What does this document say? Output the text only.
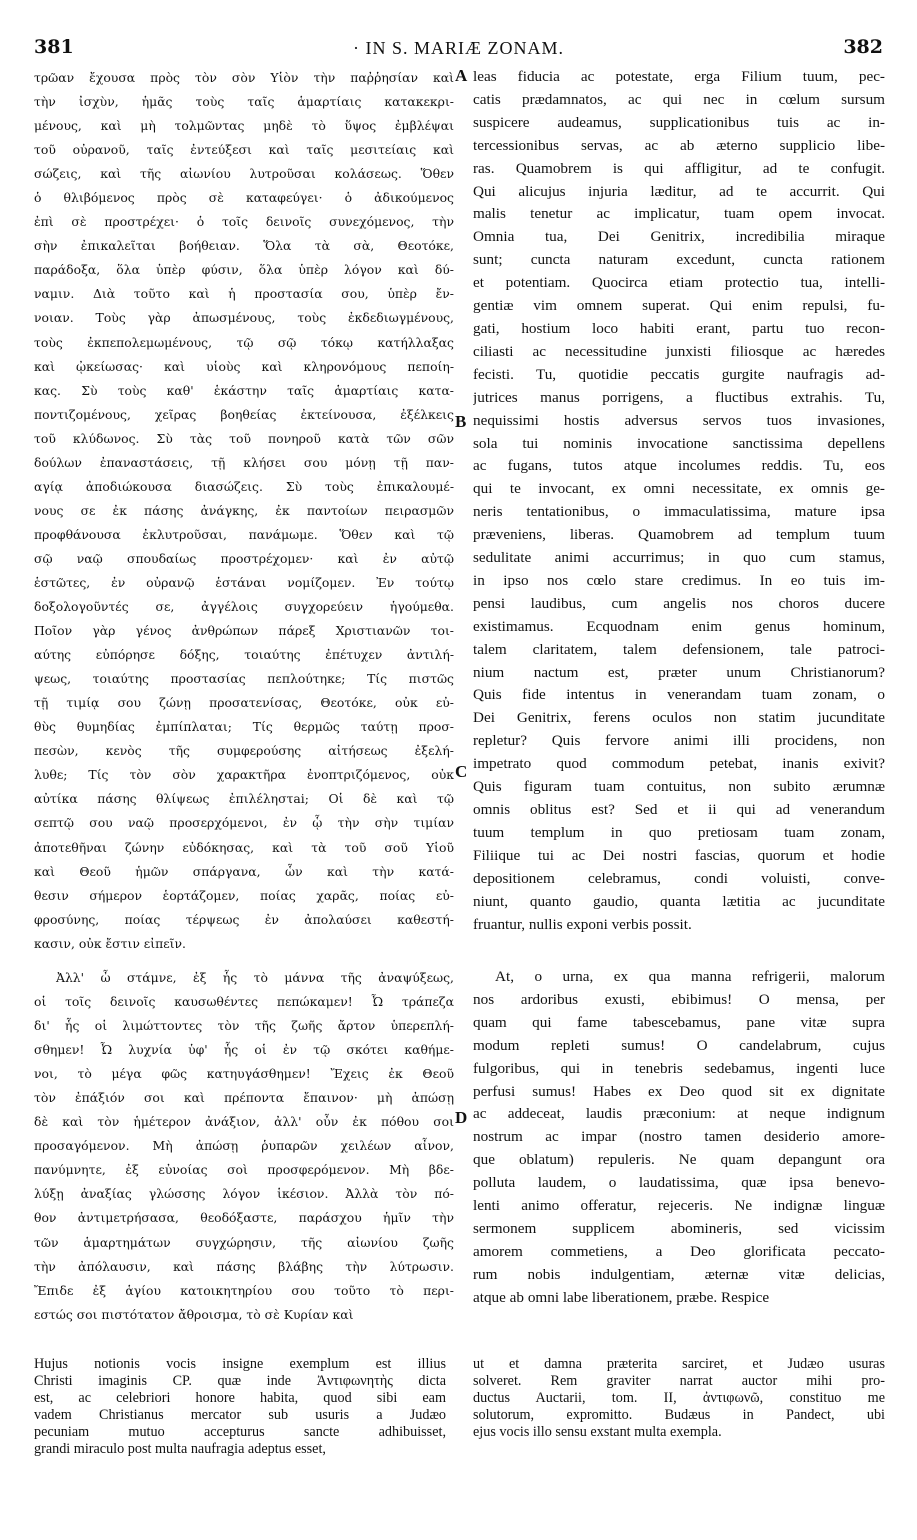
381	· IN S. MARIÆ ZONAM.	382
τρῶαν ἔχουσα πρὸς τὸν σὸν Υἱὸν τὴν παῤῥησίαν καὶ
τὴν ἰσχὺν, ἡμᾶς τοὺς ταῖς ἁμαρτίαις κατακεκρι-
μένους, καὶ μὴ τολμῶντας μηδὲ τὸ ὕψος ἐμβλέψαι
τοῦ οὐρανοῦ, ταῖς ἐντεύξεσι καὶ ταῖς μεσιτείαις καὶ
σώζεις, καὶ τῆς αἰωνίου λυτροῦσαι κολάσεως. Ὅθεν
ὁ θλιβόμενος πρὸς σὲ καταφεύγει· ὁ ἀδικούμενος
ἐπὶ σὲ προστρέχει· ὁ τοῖς δεινοῖς συνεχόμενος, τὴν
σὴν ἐπικαλεῖται βοήθειαν. Ὅλα τὰ σὰ, Θεοτόκε,
παράδοξα, ὅλα ὑπὲρ φύσιν, ὅλα ὑπὲρ λόγον καὶ δύ-
ναμιν. Διὰ τοῦτο καὶ ἡ προστασία σου, ὑπὲρ ἔν-
νοιαν. Τοὺς γὰρ ἀπωσμένους, τοὺς ἐκδεδιωγμένους,
τοὺς ἐκπεπολεμωμένους, τῷ σῷ τόκῳ κατήλλαξας
καὶ ᾠκείωσας· καὶ υἱοὺς καὶ κληρονόμους πεποίη-
κας. Σὺ τοὺς καθ' ἑκάστην ταῖς ἁμαρτίαις κατα-
ποντιζομένους, χεῖρας βοηθείας ἐκτείνουσα, ἐξέλκεις
τοῦ κλύδωνος. Σὺ τὰς τοῦ πονηροῦ κατὰ τῶν σῶν
δούλων ἐπαναστάσεις, τῇ κλήσει σου μόνῃ τῇ παν-
αγίᾳ ἀποδιώκουσα διασώζεις. Σὺ τοὺς ἐπικαλουμέ-
νους σε ἐκ πάσης ἀνάγκης, ἐκ παντοίων πειρασμῶν
προφθάνουσα ἐκλυτροῦσαι, πανάμωμε. Ὅθεν καὶ τῷ
σῷ ναῷ σπουδαίως προστρέχομεν· καὶ ἐν αὐτῷ
ἑστῶτες, ἐν οὐρανῷ ἑστάναι νομίζομεν. Ἐν τούτῳ
δοξολογοῦντές σε, ἀγγέλοις συγχορεύειν ἡγούμεθα.
Ποῖον γὰρ γένος ἀνθρώπων πάρεξ Χριστιανῶν τοι-
αύτης εὐπόρησε δόξης, τοιαύτης ἐπέτυχεν ἀντιλή-
ψεως, τοιαύτης προστασίας πεπλούτηκε; Τίς πιστῶς
τῇ τιμίᾳ σου ζώνῃ προσατενίσας, Θεοτόκε, οὐκ εὐ-
θὺς θυμηδίας ἐμπίπλαται; Τίς θερμῶς ταύτῃ προσ-
πεσὼν, κενὸς τῆς συμφερούσης αἰτήσεως ἐξελή-
λυθε; Τίς τὸν σὸν χαρακτῆρα ἐνοπτριζόμενος, οὐκ
αὐτίκα πάσης θλίψεως ἐπιλέληστai; Οἱ δὲ καὶ τῷ
σεπτῷ σου ναῷ προσερχόμενοι, ἐν ᾧ τὴν σὴν τιμίαν
ἀποτεθῆναι ζώνην εὐδόκησας, καὶ τὰ τοῦ σοῦ Υἱοῦ
καὶ Θεοῦ ἡμῶν σπάργανα, ὧν καὶ τὴν κατά-
θεσιν σήμερον ἑορτάζομεν, ποίας χαρᾶς, ποίας εὐ-
φροσύνης, ποίας τέρψεως ἐν ἀπολαύσει καθεστή-
κασιν, οὐκ ἔστιν εἰπεῖν.
leas fiducia ac potestate, erga Filium tuum, pec-
catis prædamnatos, ac qui nec in cœlum sursum
suspicere audeamus, supplicationibus tuis ac in-
tercessionibus servas, ac ab æterno supplicio libe-
ras. Quamobrem is qui affligitur, ad te confugit.
Qui alicujus injuria læditur, ad te accurrit. Qui
malis tenetur ac implicatur, tuam opem invocat.
Omnia tua, Dei Genitrix, incredibilia miraque
sunt; cuncta naturam excedunt, cuncta rationem
et potentiam. Quocirca etiam protectio tua, intelli-
gentiæ vim omnem superat. Qui enim repulsi, fu-
gati, hostium loco habiti erant, partu tuo recon-
ciliasti ac necessitudine junxisti filiosque ac hæredes
fecisti. Tu, quotidie peccatis gurgite naufragis ad-
jutrices manus porrigens, a fluctibus extrahis. Tu,
nequissimi hostis adversus servos tuos invasiones,
sola tui nominis invocatione sanctissima depellens
ac fugans, tutos atque incolumes reddis. Tu, eos
qui te invocant, ex omni necessitate, ex omnis ge-
neris tentationibus, o immaculatissima, mature ipsa
præveniens, liberas. Quamobrem ad templum tuum
sedulitate animi accurrimus; in quo cum stamus,
in ipso nos cœlo stare credimus. In eo tuis im-
pensi laudibus, cum angelis nos choros ducere
existimamus. Ecquodnam enim genus hominum,
talem claritatem, talem defensionem, tale patroci-
nium nactum est, præter unum Christianorum?
Quis fide intentus in venerandam tuam zonam, o
Dei Genitrix, ferens oculos non statim jucunditate
repletur? Quis fervore animi illi procidens, non
impetrato quod commodum petebat, inanis exivit?
Quis figuram tuam contuitus, non subito ærumnæ
omnis oblitus est? Sed et ii qui ad venerandum
tuum templum in quo pretiosam tuam zonam,
Filiique tui ac Dei nostri fascias, quorum et hodie
depositionem celebramus, condi voluisti, conve-
niunt, quanto gaudio, quanta lætitia ac jucunditate
fruantur, nullis exponi verbis possit.
Ἀλλ' ὦ στάμνε, ἐξ ἧς τὸ μάννα τῆς ἀναψύξεως,
οἱ τοῖς δεινοῖς καυσωθέντες πεπώκαμεν! Ὦ τράπεζα
δι' ἧς οἱ λιμώττοντες τὸν τῆς ζωῆς ἄρτον ὑπερεπλή-
σθημεν! Ὦ λυχνία ὑφ' ἧς οἱ ἐν τῷ σκότει καθήμε-
νοι, τὸ μέγα φῶς κατηυγάσθημεν! Ἔχεις ἐκ Θεοῦ
τὸν ἐπάξιόν σοι καὶ πρέποντα ἔπαινον· μὴ ἀπώσῃ
δὲ καὶ τὸν ἡμέτερον ἀνάξιον, ἀλλ' οὖν ἐκ πόθου σοι
προσαγόμενον. Μὴ ἀπώσῃ ῥυπαρῶν χειλέων αἶνον,
πανύμνητε, ἐξ εὐνοίας σοὶ προσφερόμενον. Μὴ βδε-
λύξῃ ἀναξίας γλώσσης λόγον ἱκέσιον. Ἀλλὰ τὸν πό-
θον ἀντιμετρήσασα, θεοδόξαστε, παράσχου ἡμῖν τὴν
τῶν ἁμαρτημάτων συγχώρησιν, τῆς αἰωνίου ζωῆς
τὴν ἀπόλαυσιν, καὶ πάσης βλάβης τὴν λύτρωσιν.
Ἔπιδε ἐξ ἁγίου κατοικητηρίου σου τοῦτο τὸ περι-
εστώς σοι πιστότατον ἄθροισμα, τὸ σὲ Κυρίαν καὶ
At, o urna, ex qua manna refrigerii, malorum
nos ardoribus exusti, ebibimus! O mensa, per
quam qui fame tabescebamus, pane vitæ supra
modum repleti sumus! O candelabrum, cujus
fulgoribus, qui in tenebris sedebamus, ingenti luce
perfusi sumus! Habes ex Deo quod sit ex dignitate
ac addeceat, laudis præconium: at neque indignum
nostrum ac impar (nostro tamen desiderio amore-
que oblatum) repuleris. Ne quam depangunt ora
polluta laudem, o laudatissima, quæ ipsa benevo-
lenti animo offeratur, rejeceris. Ne indignæ linguæ
sermonem supplicem abomineris, sed vicissim
amorem commetiens, a Deo glorificata peccato-
rum nobis indulgentiam, æternæ vitæ delicias,
atque ab omni labe liberationem, præbe. Respice
A
B
C
D
Hujus notionis vocis insigne exemplum est illius
Christi imaginis CP. quæ inde Ἀντιφωνητὴς dicta
est, ac celebriori honore habita, quod sibi eam
vadem Christianus mercator sub usuris a Judæo
pecuniam mutuo accepturus sancte adhibuisset,
grandi miraculo post multa naufragia adeptus esset,
ut et damna præterita sarciret, et Judæo usuras
solveret. Rem graviter narrat auctor mihi pro-
ductus Auctarii, tom. II, ἀντιφωνῶ, constituo me
solutorum, expromitto. Budæus in Pandect, ubi
ejus vocis illo sensu exstant multa exempla.
